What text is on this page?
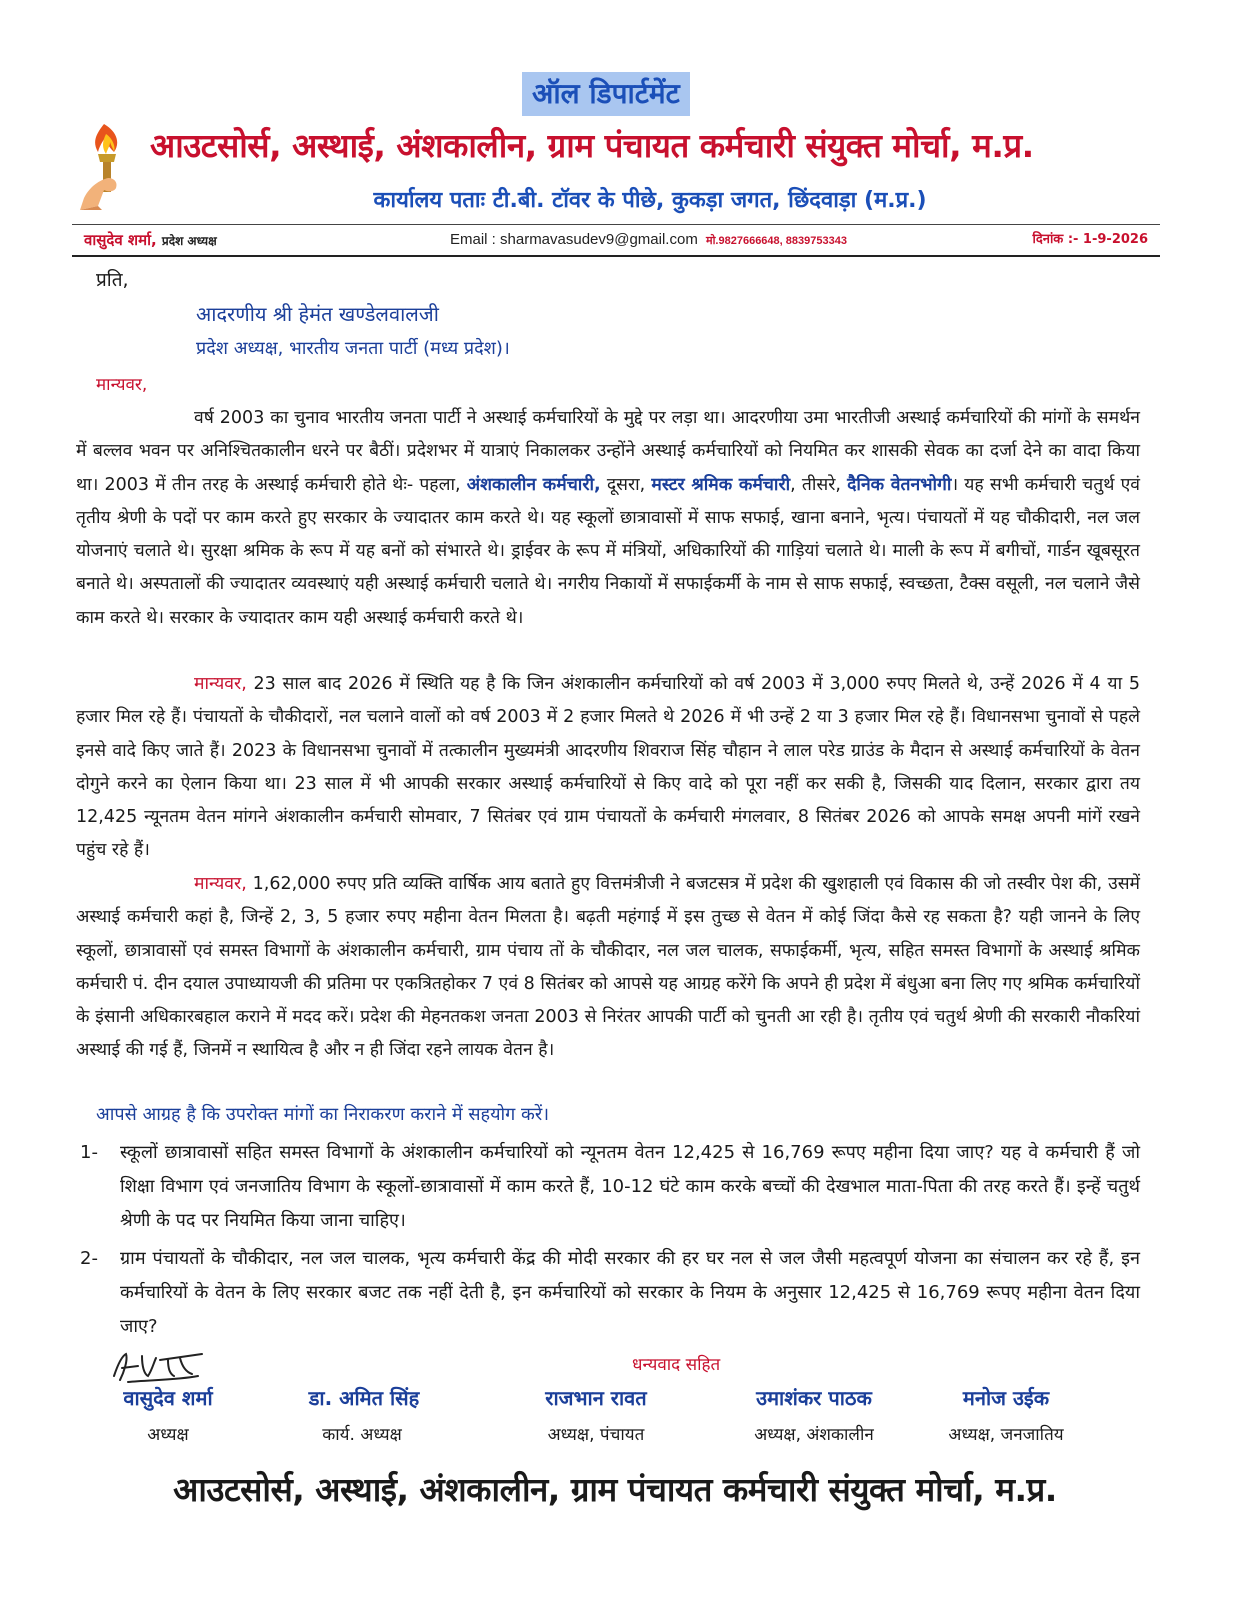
ऑल डिपार्टमेंट
आउटसोर्स, अस्थाई, अंशकालीन, ग्राम पंचायत कर्मचारी संयुक्त मोर्चा, म.प्र.
कार्यालय पताः टी.बी. टॉवर के पीछे, कुकड़ा जगत, छिंदवाड़ा (म.प्र.)
वासुदेव शर्मा, प्रदेश अध्यक्ष	Email : sharmavasudev9@gmail.com मो.9827666648, 8839753343	दिनांक :- 1-9-2026
प्रति,
आदरणीय श्री हेमंत खण्डेलवालजी
प्रदेश अध्यक्ष, भारतीय जनता पार्टी (मध्य प्रदेश)।
मान्यवर,
वर्ष 2003 का चुनाव भारतीय जनता पार्टी ने अस्थाई कर्मचारियों के मुद्दे पर लड़ा था। आदरणीया उमा भारतीजी अस्थाई कर्मचारियों की मांगों के समर्थन में बल्लव भवन पर अनिश्चितकालीन धरने पर बैठीं। प्रदेशभर में यात्राएं निकालकर उन्होंने अस्थाई कर्मचारियों को नियमित कर शासकी सेवक का दर्जा देने का वादा किया था। 2003 में तीन तरह के अस्थाई कर्मचारी होते थेः- पहला, अंशकालीन कर्मचारी, दूसरा, मस्टर श्रमिक कर्मचारी, तीसरे, दैनिक वेतनभोगी। यह सभी कर्मचारी चतुर्थ एवं तृतीय श्रेणी के पदों पर काम करते हुए सरकार के ज्यादातर काम करते थे। यह स्कूलों छात्रावासों में साफ सफाई, खाना बनाने, भृत्य। पंचायतों में यह चौकीदारी, नल जल योजनाएं चलाते थे। सुरक्षा श्रमिक के रूप में यह बनों को संभारते थे। ड्राईवर के रूप में मंत्रियों, अधिकारियों की गाड़ियां चलाते थे। माली के रूप में बगीचों, गार्डन खूबसूरत बनाते थे। अस्पतालों की ज्यादातर व्यवस्थाएं यही अस्थाई कर्मचारी चलाते थे। नगरीय निकायों में सफाईकर्मी के नाम से साफ सफाई, स्वच्छता, टैक्स वसूली, नल चलाने जैसे काम करते थे। सरकार के ज्यादातर काम यही अस्थाई कर्मचारी करते थे।
मान्यवर, 23 साल बाद 2026 में स्थिति यह है कि जिन अंशकालीन कर्मचारियों को वर्ष 2003 में 3,000 रुपए मिलते थे, उन्हें 2026 में 4 या 5 हजार मिल रहे हैं। पंचायतों के चौकीदारों, नल चलाने वालों को वर्ष 2003 में 2 हजार मिलते थे 2026 में भी उन्हें 2 या 3 हजार मिल रहे हैं। विधानसभा चुनावों से पहले इनसे वादे किए जाते हैं। 2023 के विधानसभा चुनावों में तत्कालीन मुख्यमंत्री आदरणीय शिवराज सिंह चौहान ने लाल परेड ग्राउंड के मैदान से अस्थाई कर्मचारियों के वेतन दोगुने करने का ऐलान किया था। 23 साल में भी आपकी सरकार अस्थाई कर्मचारियों से किए वादे को पूरा नहीं कर सकी है, जिसकी याद दिलान, सरकार द्वारा तय 12,425 न्यूनतम वेतन मांगने अंशकालीन कर्मचारी सोमवार, 7 सितंबर एवं ग्राम पंचायतों के कर्मचारी मंगलवार, 8 सितंबर 2026 को आपके समक्ष अपनी मांगें रखने पहुंच रहे हैं।
मान्यवर, 1,62,000 रुपए प्रति व्यक्ति वार्षिक आय बताते हुए वित्तमंत्रीजी ने बजटसत्र में प्रदेश की खुशहाली एवं विकास की जो तस्वीर पेश की, उसमें अस्थाई कर्मचारी कहां है, जिन्हें 2, 3, 5 हजार रुपए महीना वेतन मिलता है। बढ़ती महंगाई में इस तुच्छ से वेतन में कोई जिंदा कैसे रह सकता है? यही जानने के लिए स्कूलों, छात्रावासों एवं समस्त विभागों के अंशकालीन कर्मचारी, ग्राम पंचाय तों के चौकीदार, नल जल चालक, सफाईकर्मी, भृत्य, सहित समस्त विभागों के अस्थाई श्रमिक कर्मचारी पं. दीन दयाल उपाध्यायजी की प्रतिमा पर एकत्रितहोकर 7 एवं 8 सितंबर को आपसे यह आग्रह करेंगे कि अपने ही प्रदेश में बंधुआ बना लिए गए श्रमिक कर्मचारियों के इंसानी अधिकारबहाल कराने में मदद करें। प्रदेश की मेहनतकश जनता 2003 से निरंतर आपकी पार्टी को चुनती आ रही है। तृतीय एवं चतुर्थ श्रेणी की सरकारी नौकरियां अस्थाई की गई हैं, जिनमें न स्थायित्व है और न ही जिंदा रहने लायक वेतन है।
आपसे आग्रह है कि उपरोक्त मांगों का निराकरण कराने में सहयोग करें।
1- स्कूलों छात्रावासों सहित समस्त विभागों के अंशकालीन कर्मचारियों को न्यूनतम वेतन 12,425 से 16,769 रूपए महीना दिया जाए? यह वे कर्मचारी हैं जो शिक्षा विभाग एवं जनजातिय विभाग के स्कूलों-छात्रावासों में काम करते हैं, 10-12 घंटे काम करके बच्चों की देखभाल माता-पिता की तरह करते हैं। इन्हें चतुर्थ श्रेणी के पद पर नियमित किया जाना चाहिए।
2- ग्राम पंचायतों के चौकीदार, नल जल चालक, भृत्य कर्मचारी केंद्र की मोदी सरकार की हर घर नल से जल जैसी महत्वपूर्ण योजना का संचालन कर रहे हैं, इन कर्मचारियों के वेतन के लिए सरकार बजट तक नहीं देती है, इन कर्मचारियों को सरकार के नियम के अनुसार 12,425 से 16,769 रूपए महीना वेतन दिया जाए?
धन्यवाद सहित
वासुदेव शर्मा
अध्यक्ष
डा. अमित सिंह
कार्य. अध्यक्ष
राजभान रावत
अध्यक्ष, पंचायत
उमाशंकर पाठक
अध्यक्ष, अंशकालीन
मनोज उईक
अध्यक्ष, जनजातिय
आउटसोर्स, अस्थाई, अंशकालीन, ग्राम पंचायत कर्मचारी संयुक्त मोर्चा, म.प्र.
